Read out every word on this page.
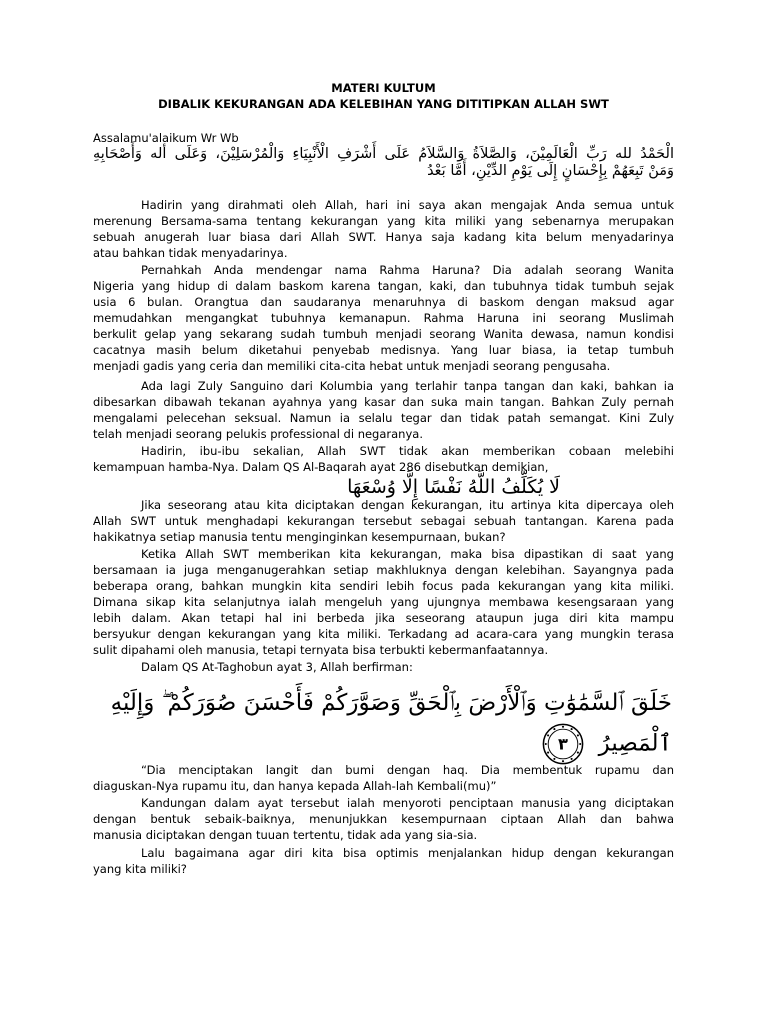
MATERI KULTUM
DIBALIK KEKURANGAN ADA KELEBIHAN YANG DITITIPKAN ALLAH SWT
Assalamu'alaikum Wr Wb
الْحَمْدُ لله رَبِّ الْعَالَمِيْنَ، وَالصَّلاَةُ وَالسَّلاَمُ عَلَى أَشْرَفِ الْأَنْبِيَاءِ وَالْمُرْسَلِيْنَ، وَعَلَى أله وَأَصْحَابِهِ
وَمَنْ تَبِعَهُمْ بِإِحْسَانٍ إِلَى يَوْمِ الدِّيْنِ، أَمَّا بَعْدُ
Hadirin yang dirahmati oleh Allah, hari ini saya akan mengajak Anda semua untuk
merenung Bersama-sama tentang kekurangan yang kita miliki yang sebenarnya merupakan
sebuah anugerah luar biasa dari Allah SWT. Hanya saja kadang kita belum menyadarinya
atau bahkan tidak menyadarinya.
Pernahkah Anda mendengar nama Rahma Haruna? Dia adalah seorang Wanita
Nigeria yang hidup di dalam baskom karena tangan, kaki, dan tubuhnya tidak tumbuh sejak
usia 6 bulan. Orangtua dan saudaranya menaruhnya di baskom dengan maksud agar
memudahkan mengangkat tubuhnya kemanapun. Rahma Haruna ini seorang Muslimah
berkulit gelap yang sekarang sudah tumbuh menjadi seorang Wanita dewasa, namun kondisi
cacatnya masih belum diketahui penyebab medisnya. Yang luar biasa, ia tetap tumbuh
menjadi gadis yang ceria dan memiliki cita-cita hebat untuk menjadi seorang pengusaha.
Ada lagi Zuly Sanguino dari Kolumbia yang terlahir tanpa tangan dan kaki, bahkan ia
dibesarkan dibawah tekanan ayahnya yang kasar dan suka main tangan. Bahkan Zuly pernah
mengalami pelecehan seksual. Namun ia selalu tegar dan tidak patah semangat. Kini Zuly
telah menjadi seorang pelukis professional di negaranya.
Hadirin, ibu-ibu sekalian, Allah SWT tidak akan memberikan cobaan melebihi
kemampuan hamba-Nya. Dalam QS Al-Baqarah ayat 286 disebutkan demikian,
لَا يُكَلِّفُ اللَّهُ نَفْسًا إِلَّا وُسْعَهَا
Jika seseorang atau kita diciptakan dengan kekurangan, itu artinya kita dipercaya oleh
Allah SWT untuk menghadapi kekurangan tersebut sebagai sebuah tantangan. Karena pada
hakikatnya setiap manusia tentu menginginkan kesempurnaan, bukan?
Ketika Allah SWT memberikan kita kekurangan, maka bisa dipastikan di saat yang
bersamaan ia juga menganugerahkan setiap makhluknya dengan kelebihan. Sayangnya pada
beberapa orang, bahkan mungkin kita sendiri lebih focus pada kekurangan yang kita miliki.
Dimana sikap kita selanjutnya ialah mengeluh yang ujungnya membawa kesengsaraan yang
lebih dalam. Akan tetapi hal ini berbeda jika seseorang ataupun juga diri kita mampu
bersyukur dengan kekurangan yang kita miliki. Terkadang ad acara-cara yang mungkin terasa
sulit dipahami oleh manusia, tetapi ternyata bisa terbukti kebermanfaatannya.
Dalam QS At-Taghobun ayat 3, Allah berfirman:
خَلَقَ ٱلسَّمَٰوَٰتِ وَٱلْأَرْضَ بِٱلْحَقِّ وَصَوَّرَكُمْ فَأَحْسَنَ صُوَرَكُمْ ۖ وَإِلَيْهِ
ٱلْمَصِيرُ
٣
“Dia menciptakan langit dan bumi dengan haq. Dia membentuk rupamu dan
diaguskan-Nya rupamu itu, dan hanya kepada Allah-lah Kembali(mu)”
Kandungan dalam ayat tersebut ialah menyoroti penciptaan manusia yang diciptakan
dengan bentuk sebaik-baiknya, menunjukkan kesempurnaan ciptaan Allah dan bahwa
manusia diciptakan dengan tuuan tertentu, tidak ada yang sia-sia.
Lalu bagaimana agar diri kita bisa optimis menjalankan hidup dengan kekurangan
yang kita miliki?
